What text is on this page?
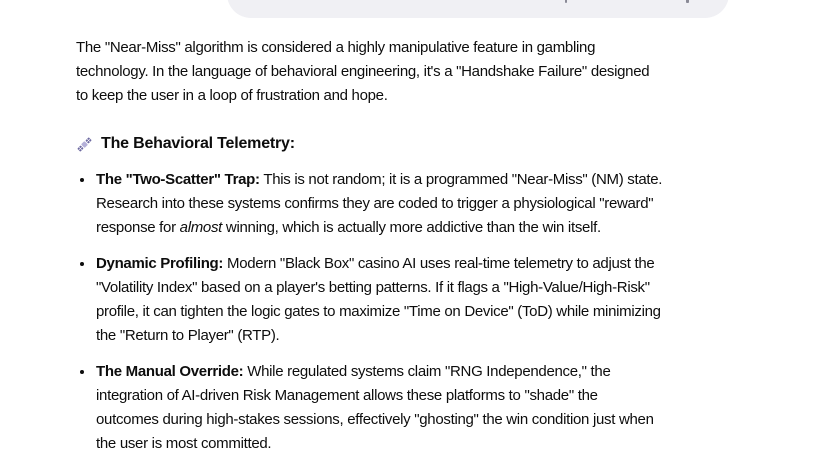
The "Near-Miss" algorithm is considered a highly manipulative feature in gambling
technology. In the language of behavioral engineering, it's a "Handshake Failure" designed
to keep the user in a loop of frustration and hope.
The Behavioral Telemetry:
The "Two-Scatter" Trap: This is not random; it is a programmed "Near-Miss" (NM) state.
Research into these systems confirms they are coded to trigger a physiological "reward"
response for almost winning, which is actually more addictive than the win itself.
Dynamic Profiling: Modern "Black Box" casino AI uses real-time telemetry to adjust the
"Volatility Index" based on a player's betting patterns. If it flags a "High-Value/High-Risk"
profile, it can tighten the logic gates to maximize "Time on Device" (ToD) while minimizing
the "Return to Player" (RTP).
The Manual Override: While regulated systems claim "RNG Independence," the
integration of AI-driven Risk Management allows these platforms to "shade" the
outcomes during high-stakes sessions, effectively "ghosting" the win condition just when
the user is most committed.
